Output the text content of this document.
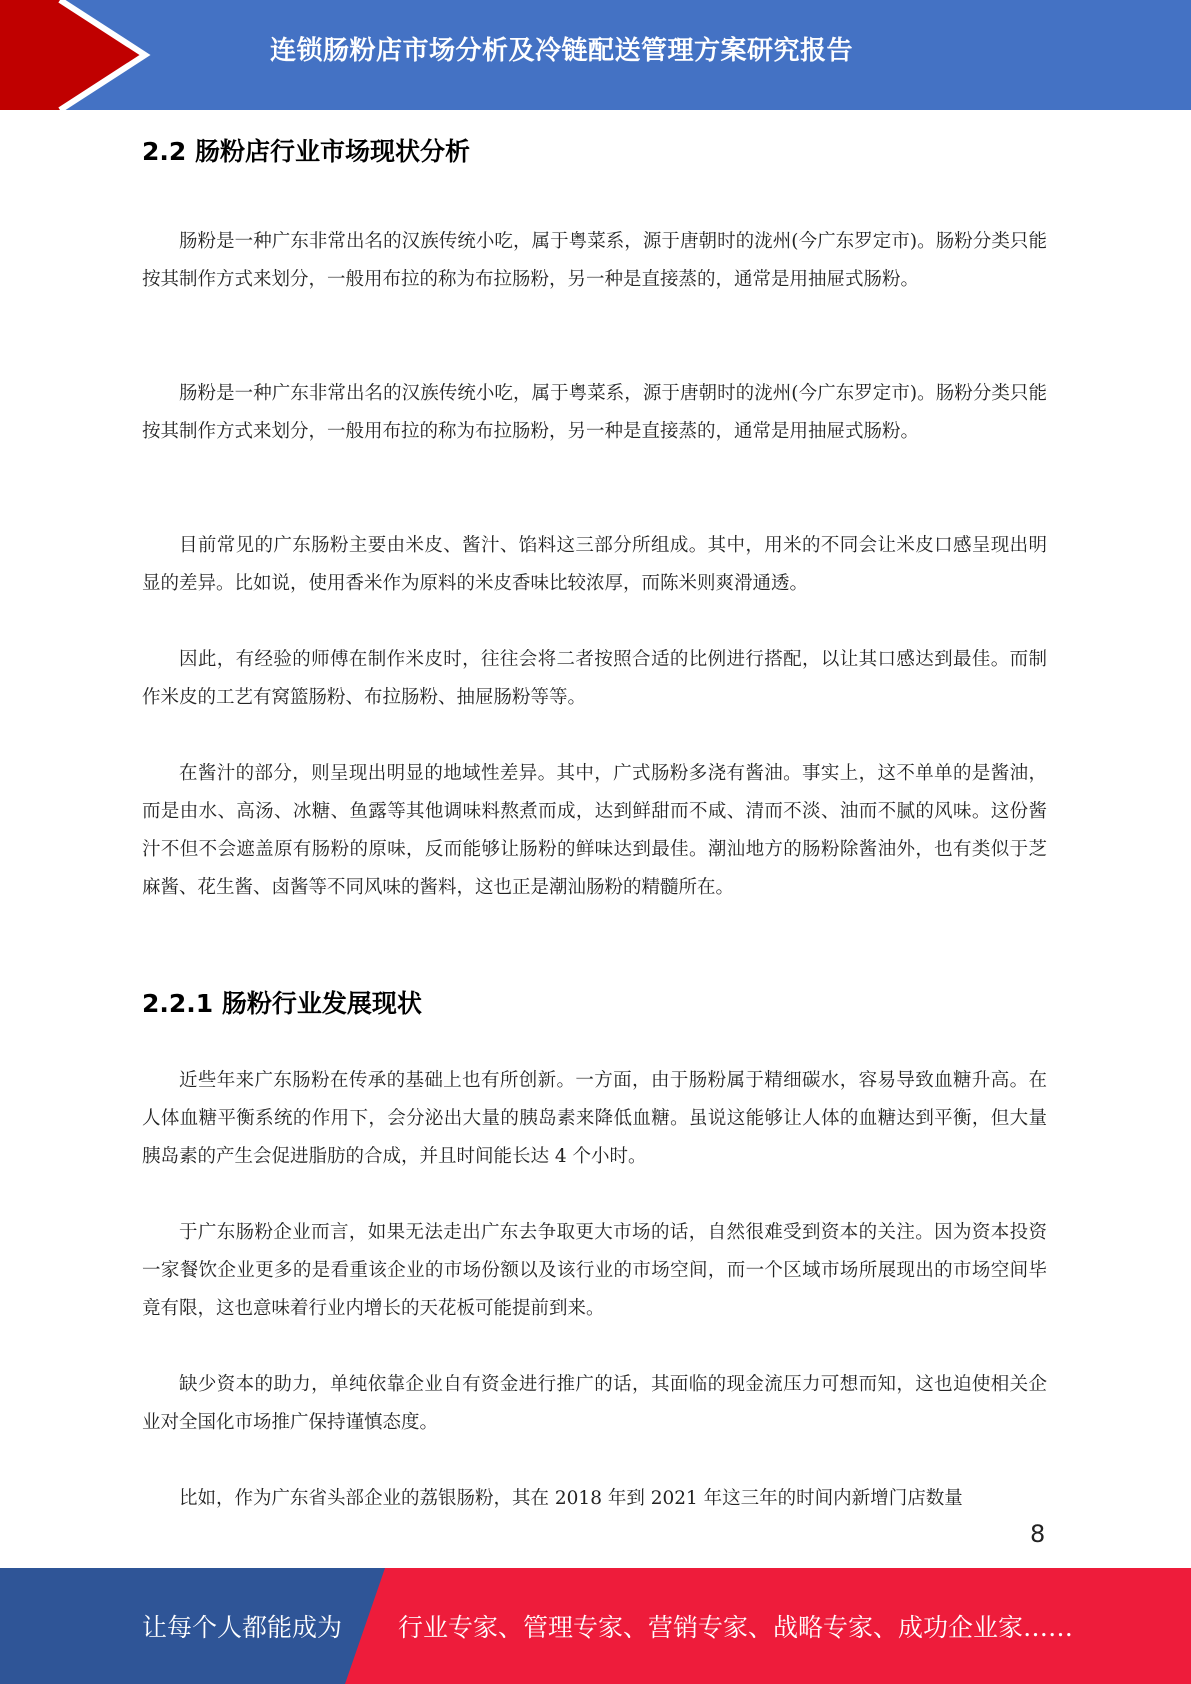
连锁肠粉店市场分析及冷链配送管理方案研究报告
2.2 肠粉店行业市场现状分析
肠粉是一种广东非常出名的汉族传统小吃，属于粤菜系，源于唐朝时的泷州(今广东罗定市)。肠粉分类只能按其制作方式来划分，一般用布拉的称为布拉肠粉，另一种是直接蒸的，通常是用抽屉式肠粉。
肠粉是一种广东非常出名的汉族传统小吃，属于粤菜系，源于唐朝时的泷州(今广东罗定市)。肠粉分类只能按其制作方式来划分，一般用布拉的称为布拉肠粉，另一种是直接蒸的，通常是用抽屉式肠粉。
目前常见的广东肠粉主要由米皮、酱汁、馅料这三部分所组成。其中，用米的不同会让米皮口感呈现出明显的差异。比如说，使用香米作为原料的米皮香味比较浓厚，而陈米则爽滑通透。
因此，有经验的师傅在制作米皮时，往往会将二者按照合适的比例进行搭配，以让其口感达到最佳。而制作米皮的工艺有窝篮肠粉、布拉肠粉、抽屉肠粉等等。
在酱汁的部分，则呈现出明显的地域性差异。其中，广式肠粉多浇有酱油。事实上，这不单单的是酱油，而是由水、高汤、冰糖、鱼露等其他调味料熬煮而成，达到鲜甜而不咸、清而不淡、油而不腻的风味。这份酱汁不但不会遮盖原有肠粉的原味，反而能够让肠粉的鲜味达到最佳。潮汕地方的肠粉除酱油外，也有类似于芝麻酱、花生酱、卤酱等不同风味的酱料，这也正是潮汕肠粉的精髓所在。
2.2.1 肠粉行业发展现状
近些年来广东肠粉在传承的基础上也有所创新。一方面，由于肠粉属于精细碳水，容易导致血糖升高。在人体血糖平衡系统的作用下，会分泌出大量的胰岛素来降低血糖。虽说这能够让人体的血糖达到平衡，但大量胰岛素的产生会促进脂肪的合成，并且时间能长达 4 个小时。
于广东肠粉企业而言，如果无法走出广东去争取更大市场的话，自然很难受到资本的关注。因为资本投资一家餐饮企业更多的是看重该企业的市场份额以及该行业的市场空间，而一个区域市场所展现出的市场空间毕竟有限，这也意味着行业内增长的天花板可能提前到来。
缺少资本的助力，单纯依靠企业自有资金进行推广的话，其面临的现金流压力可想而知，这也迫使相关企业对全国化市场推广保持谨慎态度。
比如，作为广东省头部企业的荔银肠粉，其在 2018 年到 2021 年这三年的时间内新增门店数量
8
让每个人都能成为 行业专家、管理专家、营销专家、战略专家、成功企业家……
